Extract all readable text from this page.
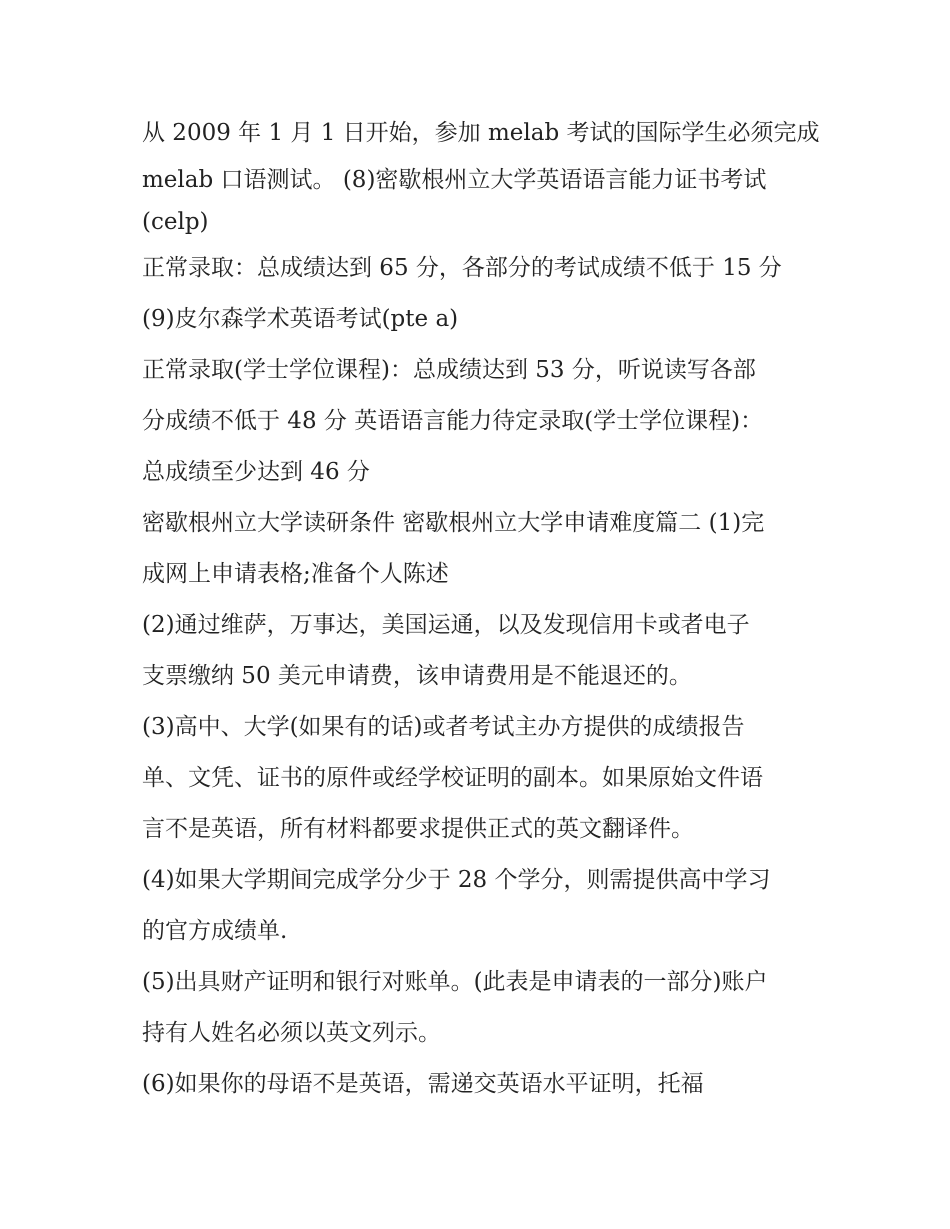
从 2009 年 1 月 1 日开始，参加 melab 考试的国际学生必须完成
melab 口语测试。 (8)密歇根州立大学英语语言能力证书考试
(celp)
正常录取：总成绩达到 65 分，各部分的考试成绩不低于 15 分
(9)皮尔森学术英语考试(pte a)
正常录取(学士学位课程)：总成绩达到 53 分，听说读写各部
分成绩不低于 48 分 英语语言能力待定录取(学士学位课程)：
总成绩至少达到 46 分
密歇根州立大学读研条件 密歇根州立大学申请难度篇二 (1)完
成网上申请表格;准备个人陈述
(2)通过维萨，万事达，美国运通，以及发现信用卡或者电子
支票缴纳 50 美元申请费，该申请费用是不能退还的。
(3)高中、大学(如果有的话)或者考试主办方提供的成绩报告
单、文凭、证书的原件或经学校证明的副本。如果原始文件语
言不是英语，所有材料都要求提供正式的英文翻译件。
(4)如果大学期间完成学分少于 28 个学分，则需提供高中学习
的官方成绩单.
(5)出具财产证明和银行对账单。(此表是申请表的一部分)账户
持有人姓名必须以英文列示。
(6)如果你的母语不是英语，需递交英语水平证明，托福
